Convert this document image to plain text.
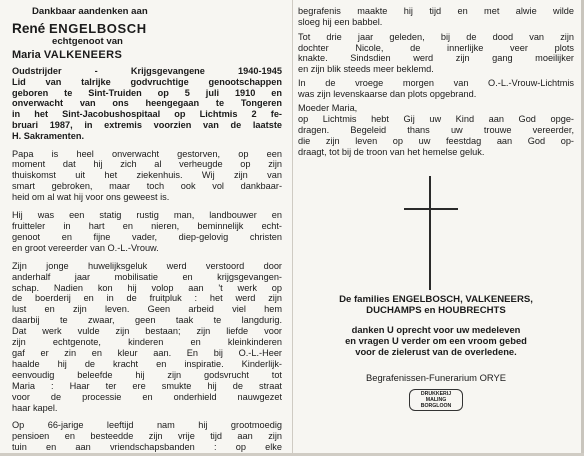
Dankbaar aandenken aan
René ENGELBOSCH
echtgenoot van
Maria VALKENEERS
Oudstrijder - Krijgsgevangene 1940-1945
Lid van talrijke godvruchtige genootschappen
geboren te Sint-Truiden op 5 juli 1910 en
onverwacht van ons heengegaan te Tongeren
in het Sint-Jacobushospitaal op Lichtmis 2 fe-
bruari 1987, in extremis voorzien van de laatste
H. Sakramenten.
Papa is heel onverwacht gestorven, op een
moment dat hij zich al verheugde op zijn
thuiskomst uit het ziekenhuis. Wij zijn van
smart gebroken, maar toch ook vol dankbaar-
heid om al wat hij voor ons geweest is.
Hij was een statig rustig man, landbouwer en
fruitteler in hart en nieren, beminnelijk echt-
genoot en fijne vader, diep-gelovig christen
en groot vereerder van O.-L.-Vrouw.
Zijn jonge huwelijksgeluk werd verstoord door
anderhalf jaar mobilisatie en krijgsgevangen-
schap. Nadien kon hij volop aan 't werk op
de boerderij en in de fruitpluk : het werd zijn
lust en zijn leven. Geen arbeid viel hem
daarbij te zwaar, geen taak te langdurig.
Dat werk vulde zijn bestaan; zijn liefde voor
zijn echtgenote, kinderen en kleinkinderen
gaf er zin en kleur aan. En bij O.-L.-Heer
haalde hij de kracht en inspiratie. Kinderlijk-
eenvoudig beleefde hij zijn godsvrucht tot
Maria : Haar ter ere smukte hij de straat
voor de processie en onderhield nauwgezet
haar kapel.
Op 66-jarige leeftijd nam hij grootmoedig
pensioen en besteedde zijn vrije tijd aan zijn
tuin en aan vriendschapsbanden : op elke
begrafenis maakte hij tijd en met alwie wilde
sloeg hij een babbel.
Tot drie jaar geleden, bij de dood van zijn
dochter Nicole, de innerlijke veer plots
knakte. Sindsdien werd zijn gang moeilijker
en zijn blik steeds meer beklemd.
In de vroege morgen van O.-L.-Vrouw-Lichtmis
was zijn levenskaarse dan plots opgebrand.
Moeder Maria,
op Lichtmis hebt Gij uw Kind aan God opge-
dragen. Begeleid thans uw trouwe vereerder,
die zijn leven op uw feestdag aan God op-
draagt, tot bij de troon van het hemelse geluk.
De families ENGELBOSCH, VALKENEERS,
DUCHAMPS en HOUBRECHTS
danken U oprecht voor uw medeleven
en vragen U verder om een vroom gebed
voor de zielerust van de overledene.
Begrafenissen-Funerarium ORYE
DRUKKERIJ MALING
BORGLOON
